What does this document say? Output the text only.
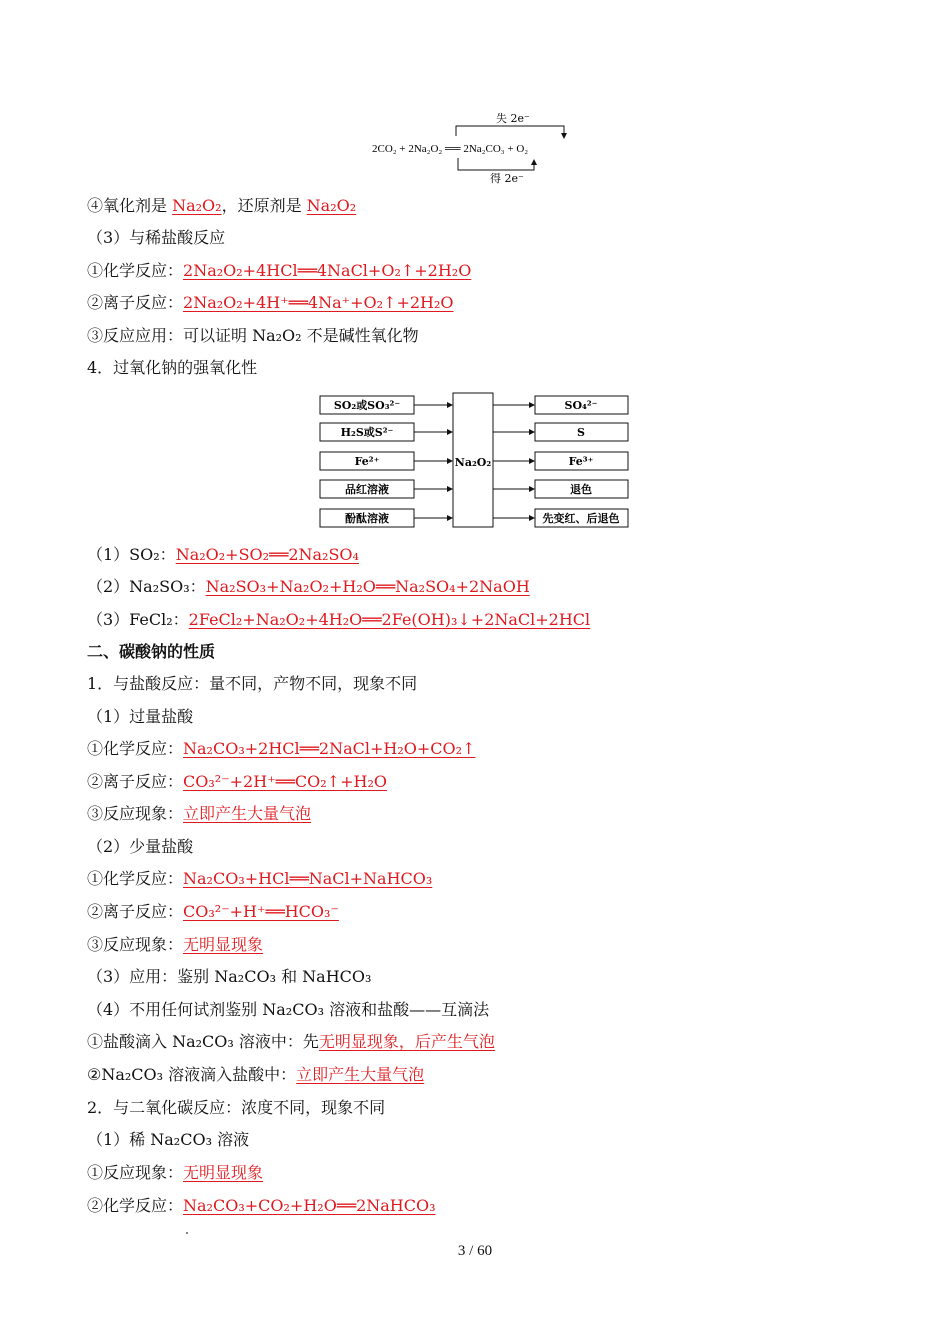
失 2e⁻
得 2e⁻
2CO₂ + 2Na₂O₂ ══ 2Na₂CO₃ + O₂
④氧化剂是 Na₂O₂，还原剂是 Na₂O₂
（3）与稀盐酸反应
①化学反应：2Na₂O₂+4HCl══4NaCl+O₂↑+2H₂O
②离子反应：2Na₂O₂+4H⁺══4Na⁺+O₂↑+2H₂O
③反应应用：可以证明 Na₂O₂ 不是碱性氧化物
4．过氧化钠的强氧化性
（1）SO₂：Na₂O₂+SO₂══2Na₂SO₄
（2）Na₂SO₃：Na₂SO₃+Na₂O₂+H₂O══Na₂SO₄+2NaOH
（3）FeCl₂：2FeCl₂+Na₂O₂+4H₂O══2Fe(OH)₃↓+2NaCl+2HCl
二、碳酸钠的性质
1．与盐酸反应：量不同，产物不同，现象不同
（1）过量盐酸
①化学反应：Na₂CO₃+2HCl══2NaCl+H₂O+CO₂↑
②离子反应：CO₃²⁻+2H⁺══CO₂↑+H₂O
③反应现象：立即产生大量气泡
（2）少量盐酸
①化学反应：Na₂CO₃+HCl══NaCl+NaHCO₃
②离子反应：CO₃²⁻+H⁺══HCO₃⁻
③反应现象：无明显现象
（3）应用：鉴别 Na₂CO₃ 和 NaHCO₃
（4）不用任何试剂鉴别 Na₂CO₃ 溶液和盐酸——互滴法
①盐酸滴入 Na₂CO₃ 溶液中：先无明显现象，后产生气泡
②Na₂CO₃ 溶液滴入盐酸中：立即产生大量气泡
2．与二氧化碳反应：浓度不同，现象不同
（1）稀 Na₂CO₃ 溶液
①反应现象：无明显现象
②化学反应：Na₂CO₃+CO₂+H₂O══2NaHCO₃
Na₂O₂
SO₂或SO₃²⁻	SO₄²⁻
H₂S或S²⁻	S
Fe²⁺	Fe³⁺
品红溶液	退色
酚酞溶液	先变红、后退色
3 / 60
